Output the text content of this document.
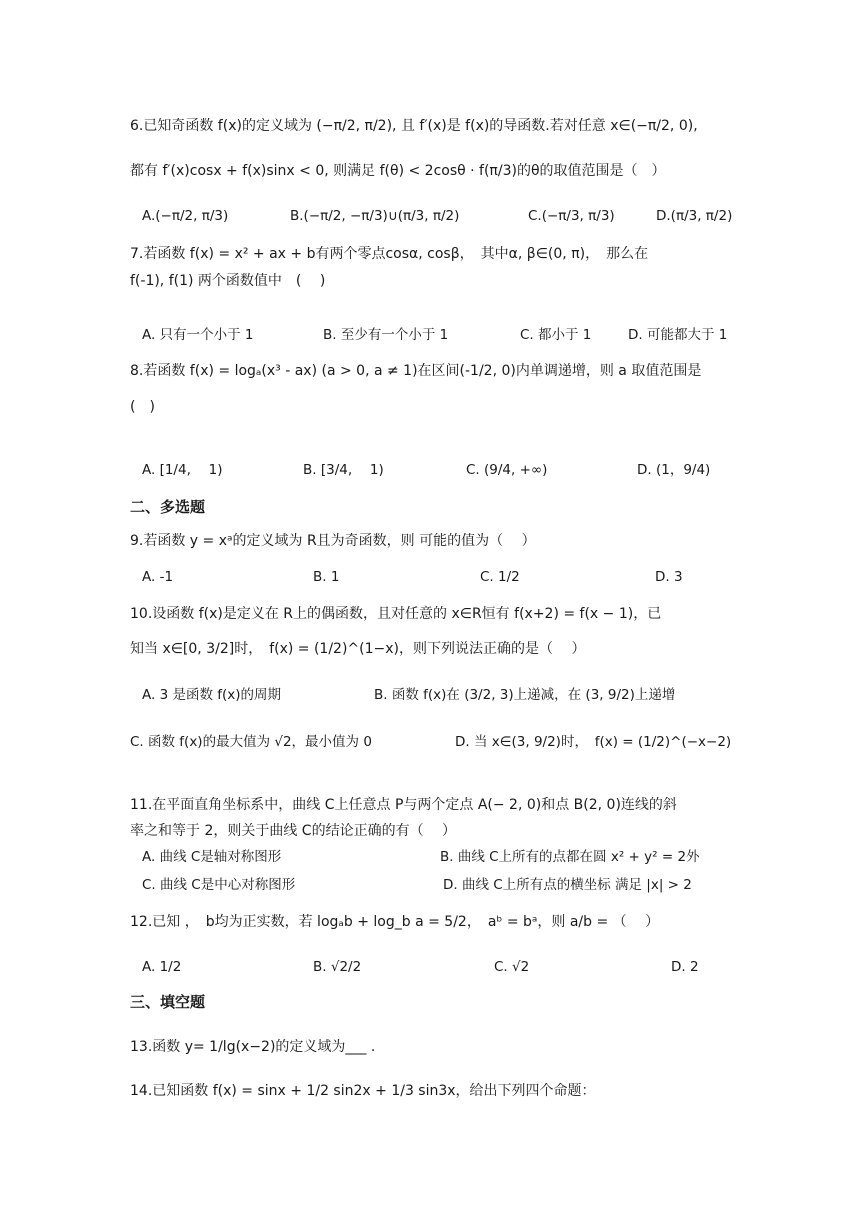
6.已知奇函数 f(x)的定义域为 (−π/2, π/2), 且 f′(x)是 f(x)的导函数.若对任意 x∈(−π/2, 0),
都有 f′(x)cosx + f(x)sinx < 0, 则满足 f(θ) < 2cosθ · f(π/3)的θ的取值范围是（　）
A.(−π/2, π/3)	B.(−π/2, −π/3)∪(π/3, π/2)	C.(−π/3, π/3)	D.(π/3, π/2)
7.若函数 f(x) = x² + ax + b有两个零点cosα, cosβ，　其中α, β∈(0, π)，　那么在
f(-1), f(1) 两个函数值中　(　 )
A. 只有一个小于 1	B. 至少有一个小于 1	C. 都小于 1	D. 可能都大于 1
8.若函数 f(x) = logₐ(x³ - ax) (a > 0, a ≠ 1)在区间(-1/2, 0)内单调递增，则 a 取值范围是
(　)
A. [1/4,　 1)	B. [3/4,　 1)	C. (9/4, +∞)	D. (1，9/4)
二、多选题
9.若函数 y = xᵃ的定义域为 R且为奇函数，则 可能的值为（　 ）
A. -1	B. 1	C. 1/2	D. 3
10.设函数 f(x)是定义在 R上的偶函数，且对任意的 x∈R恒有 f(x+2) = f(x − 1)，已
知当 x∈[0, 3/2]时，　f(x) = (1/2)^(1−x)，则下列说法正确的是（　 ）
A. 3 是函数 f(x)的周期	B. 函数 f(x)在 (3/2, 3)上递减，在 (3, 9/2)上递增
C. 函数 f(x)的最大值为 √2，最小值为 0	D. 当 x∈(3, 9/2)时，　f(x) = (1/2)^(−x−2)
11.在平面直角坐标系中，曲线 C上任意点 P与两个定点 A(− 2, 0)和点 B(2, 0)连线的斜
率之和等于 2，则关于曲线 C的结论正确的有（　 ）
A. 曲线 C是轴对称图形	B. 曲线 C上所有的点都在圆 x² + y² = 2外
C. 曲线 C是中心对称图形	D. 曲线 C上所有点的横坐标 满足 |x| > 2
12.已知 ，　b均为正实数，若 logₐb + log_b a = 5/2，　aᵇ = bᵃ，则 a/b = （　 ）
A. 1/2	B. √2/2	C. √2	D. 2
三、填空题
13.函数 y= 1/lg(x−2)的定义域为___ .
14.已知函数 f(x) = sinx + 1/2 sin2x + 1/3 sin3x，给出下列四个命题：
